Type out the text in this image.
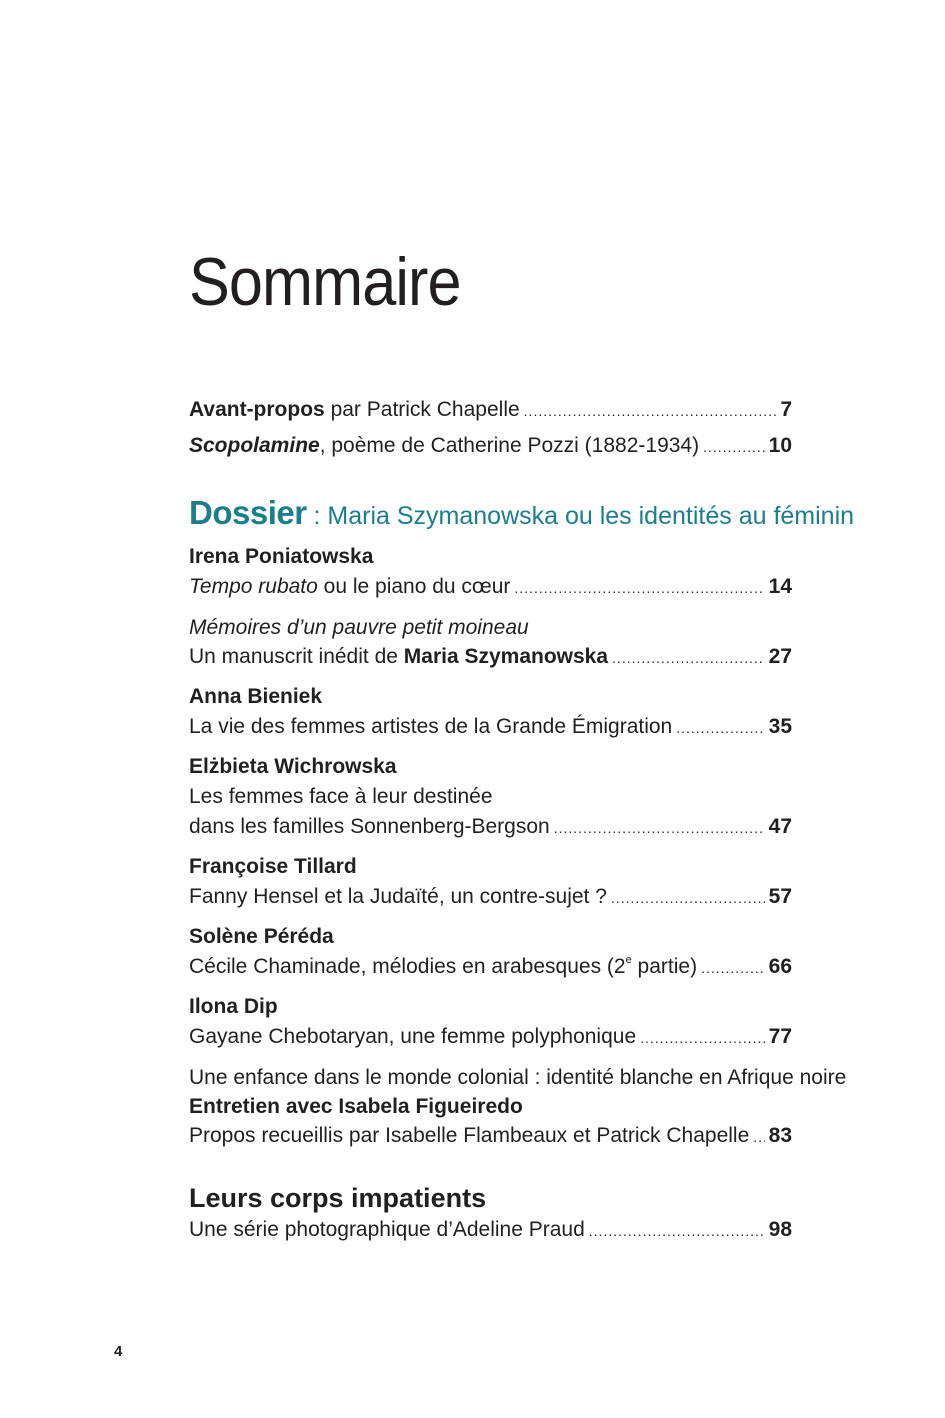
Sommaire
Avant-propos par Patrick Chapelle .....	7
Scopolamine, poème de Catherine Pozzi (1882-1934) .....	10
Dossier : Maria Szymanowska ou les identités au féminin
Irena Poniatowska
Tempo rubato ou le piano du cœur .....	14
Mémoires d’un pauvre petit moineau
Un manuscrit inédit de Maria Szymanowska .....	27
Anna Bieniek
La vie des femmes artistes de la Grande Émigration .....	35
Elżbieta Wichrowska
Les femmes face à leur destinée
dans les familles Sonnenberg-Bergson .....	47
Françoise Tillard
Fanny Hensel et la Judaïté, un contre-sujet ? .....	57
Solène Péréda
Cécile Chaminade, mélodies en arabesques (2e partie) .....	66
Ilona Dip
Gayane Chebotaryan, une femme polyphonique .....	77
Une enfance dans le monde colonial : identité blanche en Afrique noire
Entretien avec Isabela Figueiredo
Propos recueillis par Isabelle Flambeaux et Patrick Chapelle ..... 83
Leurs corps impatients
Une série photographique d’Adeline Praud .....	98
4
